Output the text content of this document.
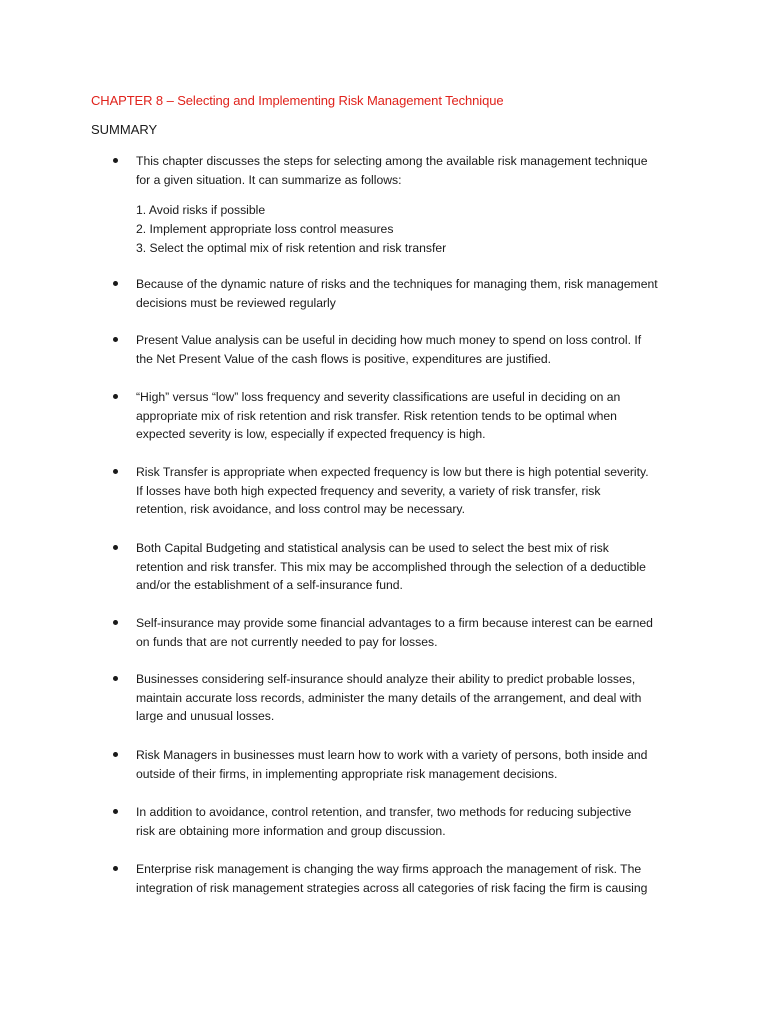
CHAPTER 8 – Selecting and Implementing Risk Management Technique
SUMMARY
This chapter discusses the steps for selecting among the available risk management technique
for a given situation. It can summarize as follows:
1. Avoid risks if possible
2. Implement appropriate loss control measures
3. Select the optimal mix of risk retention and risk transfer
Because of the dynamic nature of risks and the techniques for managing them, risk management
decisions must be reviewed regularly
Present Value analysis can be useful in deciding how much money to spend on loss control. If
the Net Present Value of the cash flows is positive, expenditures are justified.
“High” versus “low” loss frequency and severity classifications are useful in deciding on an
appropriate mix of risk retention and risk transfer. Risk retention tends to be optimal when
expected severity is low, especially if expected frequency is high.
Risk Transfer is appropriate when expected frequency is low but there is high potential severity.
If losses have both high expected frequency and severity, a variety of risk transfer, risk
retention, risk avoidance, and loss control may be necessary.
Both Capital Budgeting and statistical analysis can be used to select the best mix of risk
retention and risk transfer. This mix may be accomplished through the selection of a deductible
and/or the establishment of a self-insurance fund.
Self-insurance may provide some financial advantages to a firm because interest can be earned
on funds that are not currently needed to pay for losses.
Businesses considering self-insurance should analyze their ability to predict probable losses,
maintain accurate loss records, administer the many details of the arrangement, and deal with
large and unusual losses.
Risk Managers in businesses must learn how to work with a variety of persons, both inside and
outside of their firms, in implementing appropriate risk management decisions.
In addition to avoidance, control retention, and transfer, two methods for reducing subjective
risk are obtaining more information and group discussion.
Enterprise risk management is changing the way firms approach the management of risk. The
integration of risk management strategies across all categories of risk facing the firm is causing
